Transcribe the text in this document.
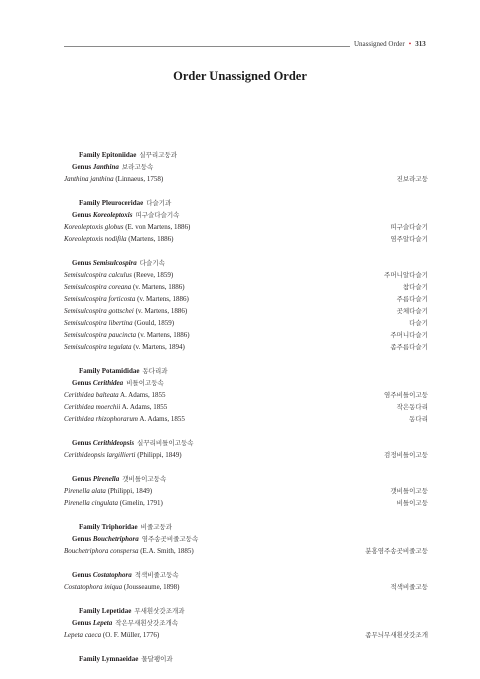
Unassigned Order • 313
Order Unassigned Order
Family Epitoniidae 실꾸리고둥과
Genus Janthina 보라고둥속
Janthina janthina (Linnaeus, 1758)	진보라고둥
Family Pleuroceridae 다슬기과
Genus Koreoleptoxis 띠구슬다슬기속
Koreoleptoxis globus (E. von Martens, 1886)	띠구슬다슬기
Koreoleptoxis nodifila (Martens, 1886)	염주알다슬기
Genus Semisulcospira 다슬기속
Semisulcospira calculus (Reeve, 1859)	주머니알다슬기
Semisulcospira coreana (v. Martens, 1886)	참다슬기
Semisulcospira forticosta (v. Martens, 1886)	주름다슬기
Semisulcospira gottschei (v. Martens, 1886)	곳체다슬기
Semisulcospira libertina (Gould, 1859)	다슬기
Semisulcospira paucincta (v. Martens, 1886)	주머니다슬기
Semisulcospira tegulata (v. Martens, 1894)	좀주름다슬기
Family Potamididae 동다리과
Genus Cerithidea 비틀이고둥속
Cerithidea balteata A. Adams, 1855	염주비틀이고둥
Cerithidea moerchii A. Adams, 1855	작은동다리
Cerithidea rhizophorarum A. Adams, 1855	동다리
Genus Cerithideopsis 실꾸리비틀이고둥속
Cerithideopsis largillierti (Philippi, 1849)	검정비틀이고둥
Genus Pirenella 갯비틀이고둥속
Pirenella alata (Philippi, 1849)	갯비틀이고둥
Pirenella cingulata (Gmelin, 1791)	비틀이고둥
Family Triphoridae 비줄고둥과
Genus Bouchetriphora 염주송곳비줄고둥속
Bouchetriphora conspersa (E.A. Smith, 1885)	분홍염주송곳비줄고둥
Genus Costatophora 적색비줄고둥속
Costatophora iniqua (Jousseaume, 1898)	적색비줄고둥
Family Lepetidae 무새흰삿갓조개과
Genus Lepeta 작은무새흰삿갓조개속
Lepeta caeca (O. F. Müller, 1776)	좀무늬무새흰삿갓조개
Family Lymnaeidae 물달팽이과
